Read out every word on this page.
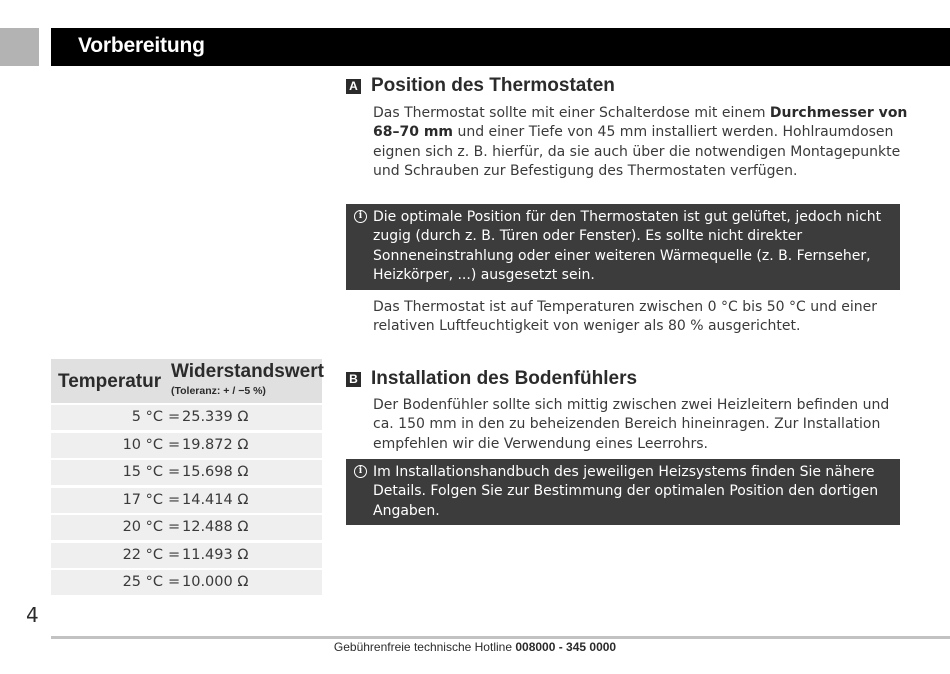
Vorbereitung
A Position des Thermostaten

Das Thermostat sollte mit einer Schalterdose mit einem Durchmesser von 68–70 mm und einer Tiefe von 45 mm installiert werden. Hohlraumdosen eignen sich z. B. hierfür, da sie auch über die notwendigen Montagepunkte und Schrauben zur Befestigung des Thermostaten verfügen.

i Die optimale Position für den Thermostaten ist gut gelüftet, jedoch nicht zugig (durch z. B. Türen oder Fenster). Es sollte nicht direkter Sonneneinstrahlung oder einer weiteren Wärmequelle (z. B. Fernseher, Heizkörper, ...) ausgesetzt sein.

Das Thermostat ist auf Temperaturen zwischen 0 °C bis 50 °C und einer relativen Luftfeuchtigkeit von weniger als 80 % ausgerichtet.

B Installation des Bodenfühlers

Der Bodenfühler sollte sich mittig zwischen zwei Heizleitern befinden und ca. 150 mm in den zu beheizenden Bereich hineinragen. Zur Installation empfehlen wir die Verwendung eines Leerrohrs.

i Im Installationshandbuch des jeweiligen Heizsystems finden Sie nähere Details. Folgen Sie zur Bestimmung der optimalen Position den dortigen Angaben.
Temperatur Widerstandswert
(Toleranz: + / −5 %)
5 °C = 25.339 Ω
10 °C = 19.872 Ω
15 °C = 15.698 Ω
17 °C = 14.414 Ω
20 °C = 12.488 Ω
22 °C = 11.493 Ω
25 °C = 10.000 Ω
4
Gebührenfreie technische Hotline 008000 - 345 0000
